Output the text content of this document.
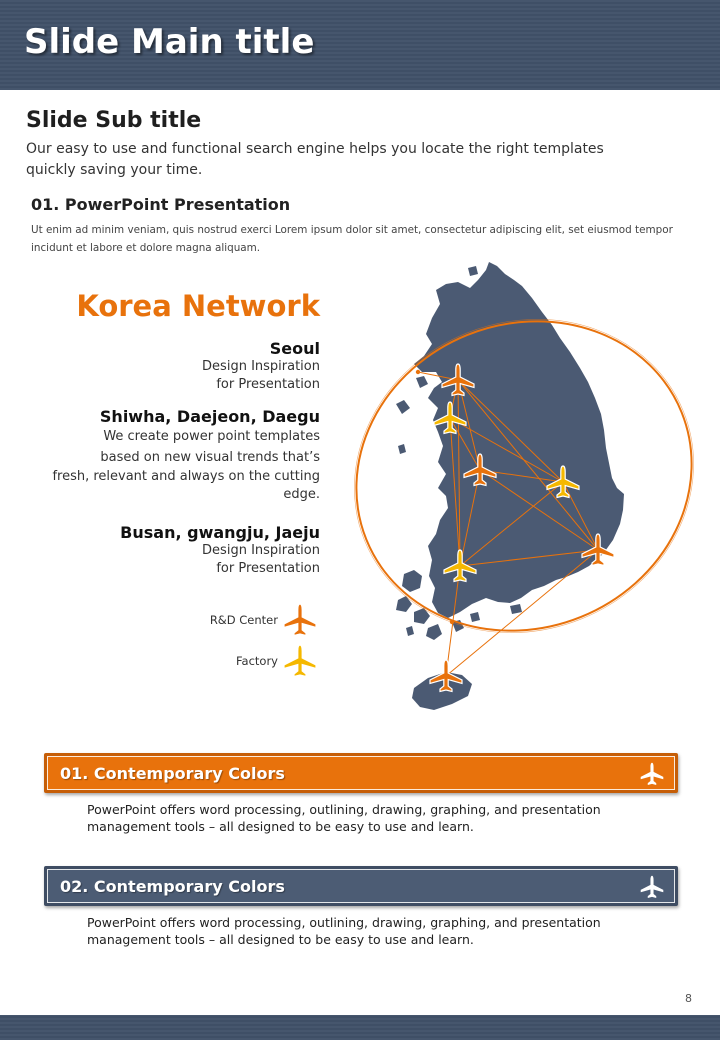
Slide Main title
Slide Sub title
Our easy to use and functional search engine helps you locate the right templates quickly saving your time.
01. PowerPoint Presentation
Ut enim ad minim veniam, quis nostrud exerci Lorem ipsum dolor sit amet, consectetur adipiscing elit, set eiusmod tempor incidunt et labore et dolore magna aliquam.
Korea Network
Seoul
Design Inspiration
for Presentation
Shiwha, Daejeon, Daegu
We create power point templates
based on new visual trends that’s
fresh, relevant and always on the cutting
edge.
Busan, gwangju, Jaeju
Design Inspiration
for Presentation
R&D Center
Factory
01. Contemporary Colors
PowerPoint offers word processing, outlining, drawing, graphing, and presentation management tools – all designed to be easy to use and learn.
02. Contemporary Colors
PowerPoint offers word processing, outlining, drawing, graphing, and presentation management tools – all designed to be easy to use and learn.
8
